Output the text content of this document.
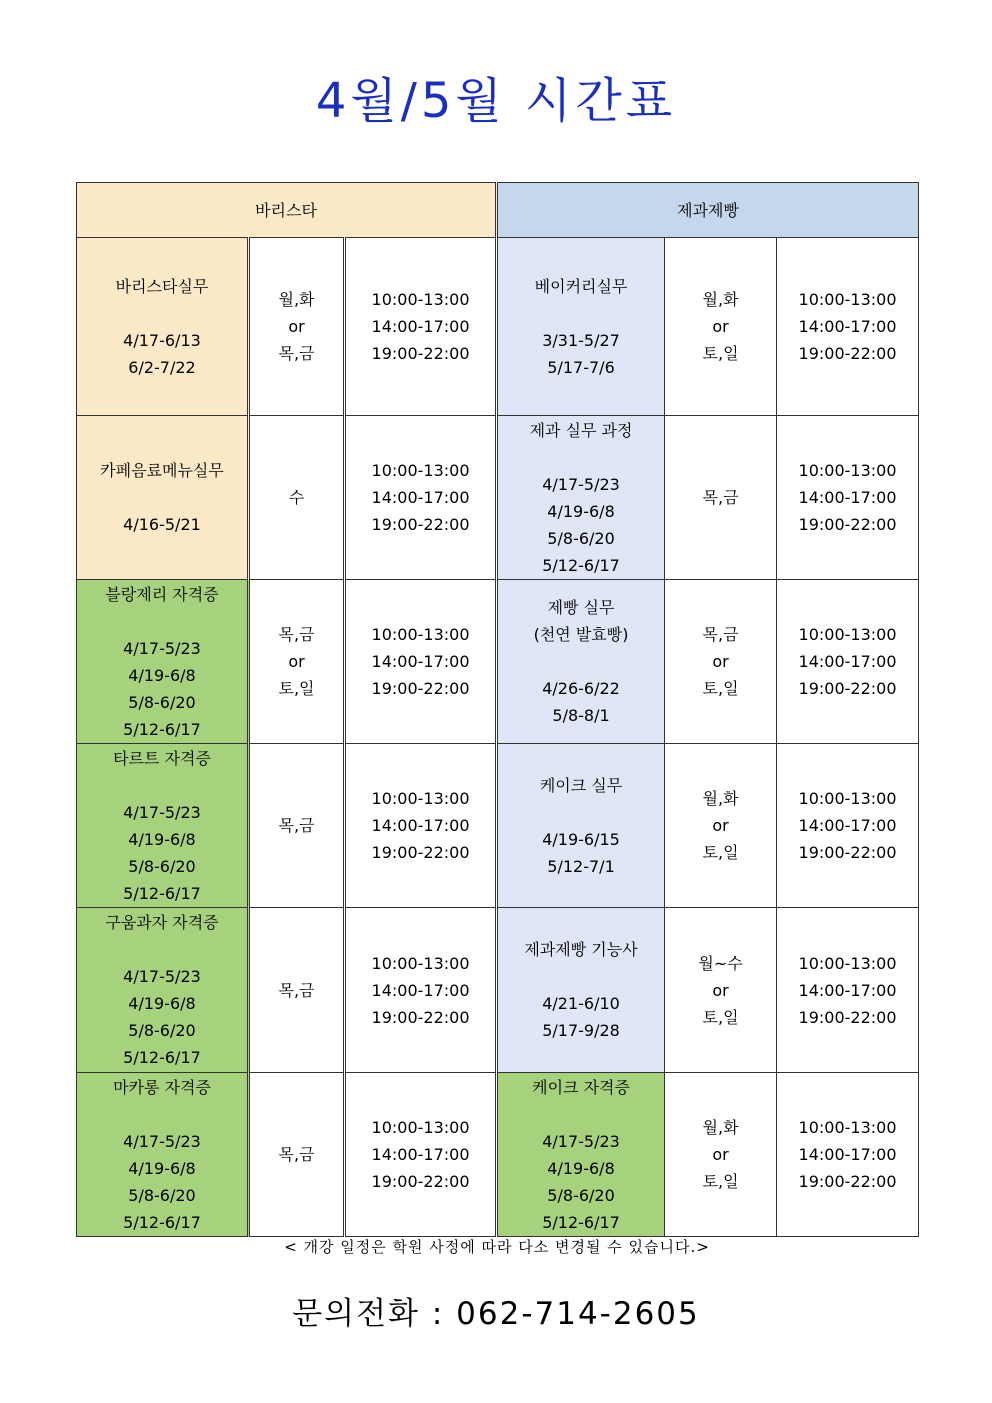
4월/5월 시간표
바리스타			제과제빵		

바리스타실무
4/17-6/13
6/2-7/22	월,화
or
목,금	10:00-13:00
14:00-17:00
19:00-22:00	베이커리실무
3/31-5/27
5/17-7/6	월,화
or
토,일	10:00-13:00
14:00-17:00
19:00-22:00

카페음료메뉴실무
4/16-5/21	수	10:00-13:00
14:00-17:00
19:00-22:00	제과 실무 과정
4/17-5/23
4/19-6/8
5/8-6/20
5/12-6/17	목,금	10:00-13:00
14:00-17:00
19:00-22:00

블랑제리 자격증
4/17-5/23
4/19-6/8
5/8-6/20
5/12-6/17	목,금
or
토,일	10:00-13:00
14:00-17:00
19:00-22:00	제빵 실무
(천연 발효빵)
4/26-6/22
5/8-8/1	목,금
or
토,일	10:00-13:00
14:00-17:00
19:00-22:00

타르트 자격증
4/17-5/23
4/19-6/8
5/8-6/20
5/12-6/17	목,금	10:00-13:00
14:00-17:00
19:00-22:00	케이크 실무
4/19-6/15
5/12-7/1	월,화
or
토,일	10:00-13:00
14:00-17:00
19:00-22:00

구움과자 자격증
4/17-5/23
4/19-6/8
5/8-6/20
5/12-6/17	목,금	10:00-13:00
14:00-17:00
19:00-22:00	제과제빵 기능사
4/21-6/10
5/17-9/28	월~수
or
토,일	10:00-13:00
14:00-17:00
19:00-22:00

마카롱 자격증
4/17-5/23
4/19-6/8
5/8-6/20
5/12-6/17	목,금	10:00-13:00
14:00-17:00
19:00-22:00	케이크 자격증
4/17-5/23
4/19-6/8
5/8-6/20
5/12-6/17	월,화
or
토,일	10:00-13:00
14:00-17:00
19:00-22:00
< 개강 일정은 학원 사정에 따라 다소 변경될 수 있습니다.>
문의전화 : 062-714-2605
